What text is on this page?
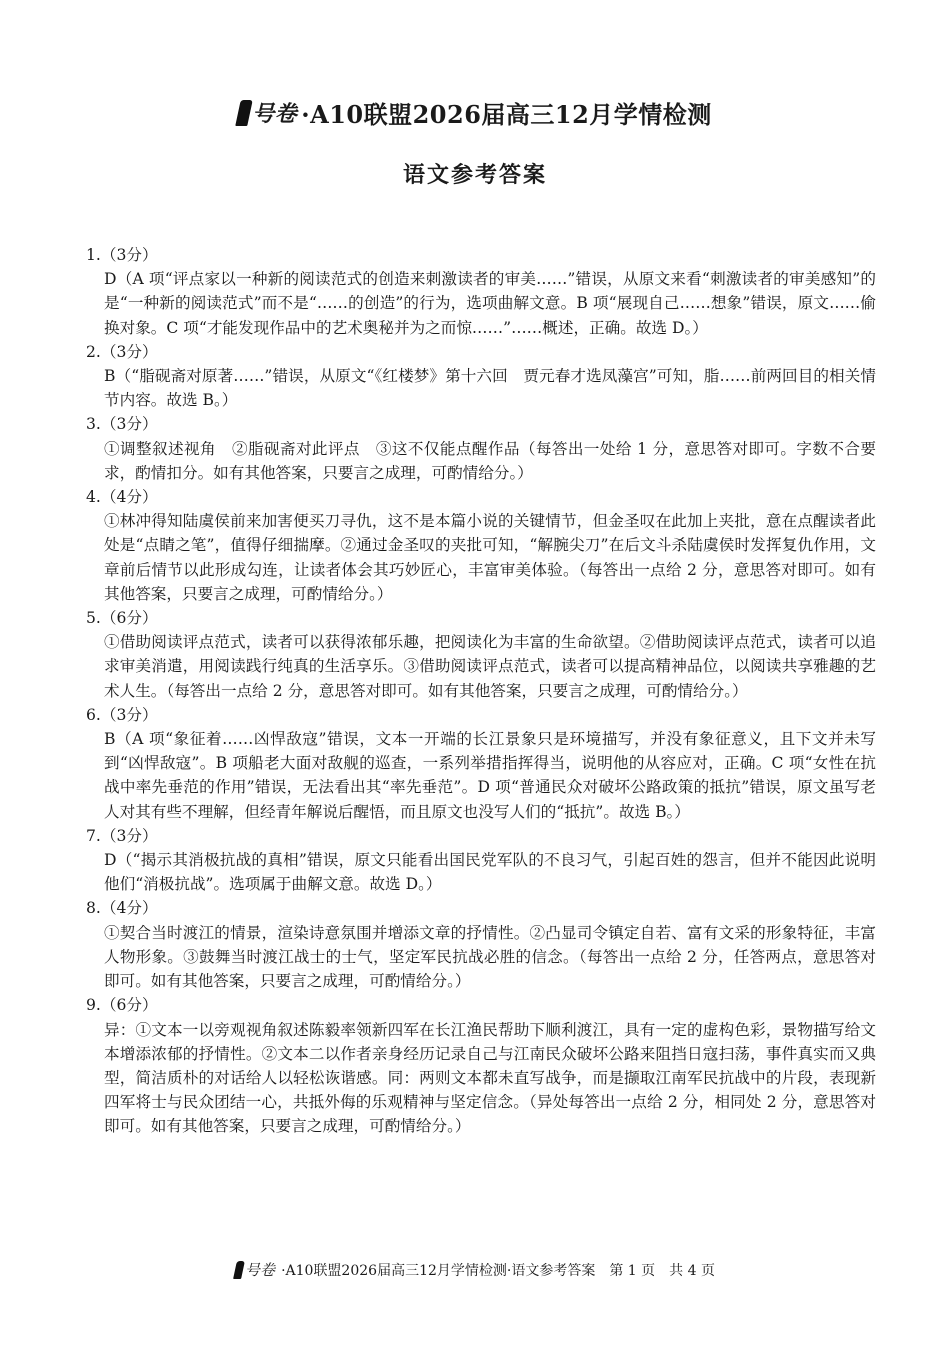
号卷 ·A10联盟2026届高三12月学情检测
语文参考答案
1.（3分）
D（A 项“评点家以一种新的阅读范式的创造来刺激读者的审美……”错误，从原文来看“刺激读者的审美感知”的是“一种新的阅读范式”而不是“……的创造”的行为，选项曲解文意。B 项“展现自己……想象”错误，原文……偷换对象。C 项“才能发现作品中的艺术奥秘并为之而惊……”……概述，正确。故选 D。）
2.（3分）
B（“脂砚斋对原著……”错误，从原文“《红楼梦》第十六回　贾元春才选凤藻宫”可知，脂……前两回目的相关情节内容。故选 B。）
3.（3分）
①调整叙述视角　②脂砚斋对此评点　③这不仅能点醒作品（每答出一处给 1 分，意思答对即可。字数不合要求，酌情扣分。如有其他答案，只要言之成理，可酌情给分。）
4.（4分）
①林冲得知陆虞侯前来加害便买刀寻仇，这不是本篇小说的关键情节，但金圣叹在此加上夹批，意在点醒读者此处是“点睛之笔”，值得仔细揣摩。②通过金圣叹的夹批可知，“解腕尖刀”在后文斗杀陆虞侯时发挥复仇作用，文章前后情节以此形成勾连，让读者体会其巧妙匠心，丰富审美体验。（每答出一点给 2 分，意思答对即可。如有其他答案，只要言之成理，可酌情给分。）
5.（6分）
①借助阅读评点范式，读者可以获得浓郁乐趣，把阅读化为丰富的生命欲望。②借助阅读评点范式，读者可以追求审美消遣，用阅读践行纯真的生活享乐。③借助阅读评点范式，读者可以提高精神品位，以阅读共享雅趣的艺术人生。（每答出一点给 2 分，意思答对即可。如有其他答案，只要言之成理，可酌情给分。）
6.（3分）
B（A 项“象征着……凶悍敌寇”错误，文本一开端的长江景象只是环境描写，并没有象征意义，且下文并未写到“凶悍敌寇”。B 项船老大面对敌舰的巡查，一系列举措指挥得当，说明他的从容应对，正确。C 项“女性在抗战中率先垂范的作用”错误，无法看出其“率先垂范”。D 项“普通民众对破坏公路政策的抵抗”错误，原文虽写老人对其有些不理解，但经青年解说后醒悟，而且原文也没写人们的“抵抗”。故选 B。）
7.（3分）
D（“揭示其消极抗战的真相”错误，原文只能看出国民党军队的不良习气，引起百姓的怨言，但并不能因此说明他们“消极抗战”。选项属于曲解文意。故选 D。）
8.（4分）
①契合当时渡江的情景，渲染诗意氛围并增添文章的抒情性。②凸显司令镇定自若、富有文采的形象特征，丰富人物形象。③鼓舞当时渡江战士的士气，坚定军民抗战必胜的信念。（每答出一点给 2 分，任答两点，意思答对即可。如有其他答案，只要言之成理，可酌情给分。）
9.（6分）
异：①文本一以旁观视角叙述陈毅率领新四军在长江渔民帮助下顺利渡江，具有一定的虚构色彩，景物描写给文本增添浓郁的抒情性。②文本二以作者亲身经历记录自己与江南民众破坏公路来阻挡日寇扫荡，事件真实而又典型，简洁质朴的对话给人以轻松诙谐感。同：两则文本都未直写战争，而是撷取江南军民抗战中的片段，表现新四军将士与民众团结一心，共抵外侮的乐观精神与坚定信念。（异处每答出一点给 2 分，相同处 2 分，意思答对即可。如有其他答案，只要言之成理，可酌情给分。）
号卷 ·A10联盟2026届高三12月学情检测·语文参考答案　第 1 页　共 4 页
